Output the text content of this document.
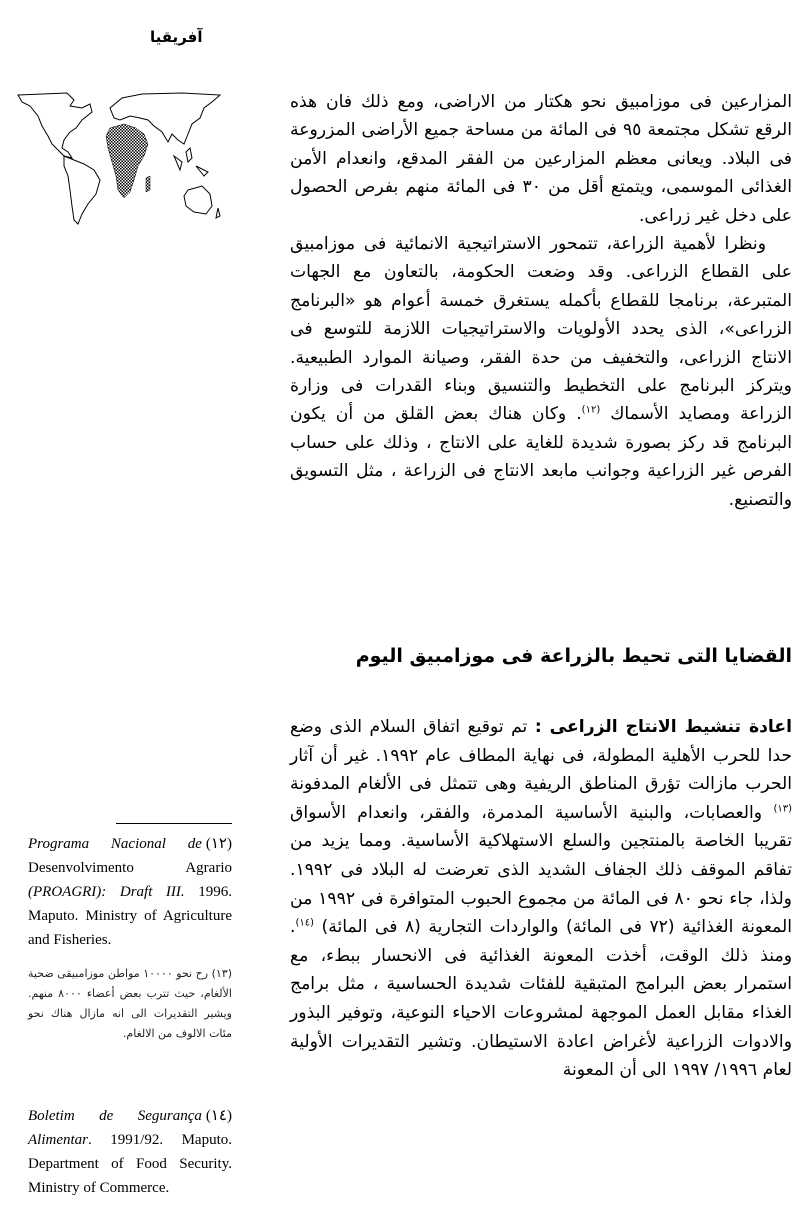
آفريقيا

المزارعين فى موزامبيق نحو هكتار من الاراضى، ومع ذلك فان هذه الرقع تشكل مجتمعة ٩٥ فى المائة من مساحة جميع الأراضى المزروعة فى البلاد. ويعانى معظم المزارعين من الفقر المدقع، وانعدام الأمن الغذائى الموسمى، ويتمتع أقل من ٣٠ فى المائة منهم بفرص الحصول على دخل غير زراعى.

ونظرا لأهمية الزراعة، تتمحور الاستراتيجية الانمائية فى موزامبيق على القطاع الزراعى. وقد وضعت الحكومة، بالتعاون مع الجهات المتبرعة، برنامجا للقطاع بأكمله يستغرق خمسة أعوام هو «البرنامج الزراعى»، الذى يحدد الأولويات والاستراتيجيات اللازمة للتوسع فى الانتاج الزراعى، والتخفيف من حدة الفقر، وصيانة الموارد الطبيعية. ويتركز البرنامج على التخطيط والتنسيق وبناء القدرات فى وزارة الزراعة ومصايد الأسماك $^{(١٢)}$. وكان هناك بعض القلق من أن يكون البرنامج قد ركز بصورة شديدة للغاية على الانتاج ، وذلك على حساب الفرص غير الزراعية وجوانب مابعد الانتاج فى الزراعة ، مثل التسويق والتصنيع.

القضايا التى تحيط بالزراعة فى موزامبيق اليوم

اعادة تنشيط الانتاج الزراعى : تم توقيع اتفاق السلام الذى وضع حدا للحرب الأهلية المطولة، فى نهاية المطاف عام ١٩٩٢. غير أن آثار الحرب مازالت تؤرق المناطق الريفية وهى تتمثل فى الألغام المدفونة $^{(١٣)}$ والعصابات، والبنية الأساسية المدمرة، والفقر، وانعدام الأسواق تقريبا الخاصة بالمنتجين والسلع الاستهلاكية الأساسية. ومما يزيد من تفاقم الموقف ذلك الجفاف الشديد الذى تعرضت له البلاد فى ١٩٩٢. ولذا، جاء نحو ٨٠ فى المائة من مجموع الحبوب المتوافرة فى ١٩٩٢ من المعونة الغذائية (٧٢ فى المائة) والواردات التجارية (٨ فى المائة) $^{(١٤)}$. ومنذ ذلك الوقت، أخذت المعونة الغذائية فى الانحسار ببطء، مع استمرار بعض البرامج المتبقية للفئات شديدة الحساسية ، مثل برامج الغذاء مقابل العمل الموجهة لمشروعات الاحياء النوعية، وتوفير البذور والادوات الزراعية لأغراض اعادة الاستيطان. وتشير التقديرات الأولية لعام ١٩٩٦/ ١٩٩٧ الى أن المعونة

(١٢)
Programa Nacional de Desenvolvimento Agrario (PROAGRI): Draft III. 1996. Maputo. Ministry of Agriculture and Fisheries.
(١٣) رح نحو ١٠٠٠٠ مواطن موزامبيقى ضحية الألغام، حيث تترب بعض أعضاء ٨٠٠٠ منهم. ويشير التقديرات الى انه مازال هناك نحو مئات الالوف من الالغام.
(١٤)
Boletim de Segurança Alimentar. 1991/92. Maputo. Department of Food Security. Ministry of Commerce.
